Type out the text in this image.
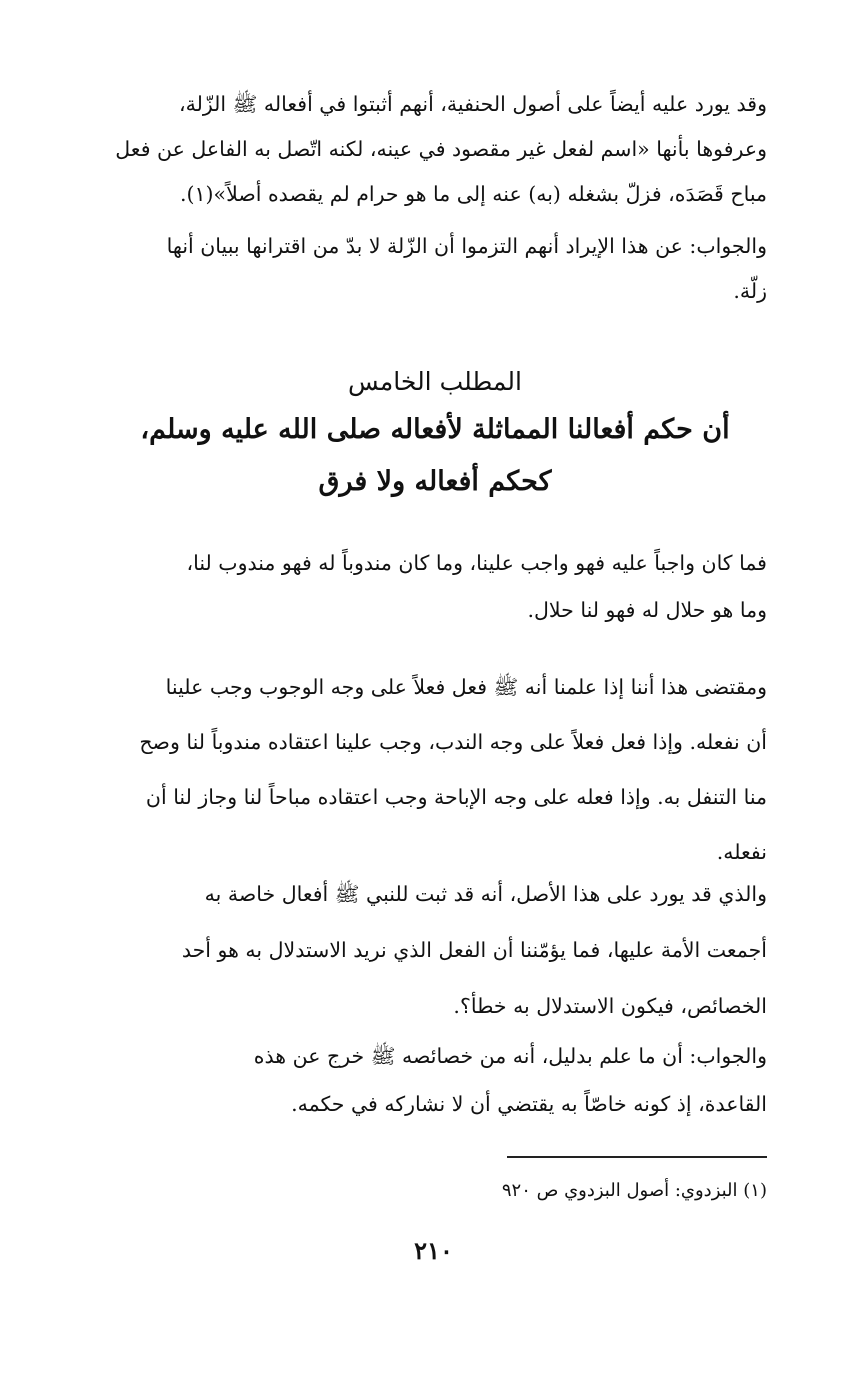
وقد يورد عليه أيضاً على أصول الحنفية، أنهم أثبتوا في أفعاله ﷺ الزّلة،
وعرفوها بأنها «اسم لفعل غير مقصود في عينه، لكنه اتّصل به الفاعل عن فعل
مباح قَصَدَه، فزلّ بشغله (به) عنه إلى ما هو حرام لم يقصده أصلاً»(١).

والجواب: عن هذا الإيراد أنهم التزموا أن الزّلة لا بدّ من اقترانها ببيان أنها
زلّة.

المطلب الخامس
أن حكم أفعالنا المماثلة لأفعاله صلى الله عليه وسلم،
كحكم أفعاله ولا فرق

فما كان واجباً عليه فهو واجب علينا، وما كان مندوباً له فهو مندوب لنا،
وما هو حلال له فهو لنا حلال.

ومقتضى هذا أننا إذا علمنا أنه ﷺ فعل فعلاً على وجه الوجوب وجب علينا
أن نفعله. وإذا فعل فعلاً على وجه الندب، وجب علينا اعتقاده مندوباً لنا وصح
منا التنفل به. وإذا فعله على وجه الإباحة وجب اعتقاده مباحاً لنا وجاز لنا أن
نفعله.

والذي قد يورد على هذا الأصل، أنه قد ثبت للنبي ﷺ أفعال خاصة به
أجمعت الأمة عليها، فما يؤمّننا أن الفعل الذي نريد الاستدلال به هو أحد
الخصائص، فيكون الاستدلال به خطأ؟.

والجواب: أن ما علم بدليل، أنه من خصائصه ﷺ خرج عن هذه
القاعدة، إذ كونه خاصّاً به يقتضي أن لا نشاركه في حكمه.

(١) البزدوي: أصول البزدوي ص ٩٢٠

٢١٠
